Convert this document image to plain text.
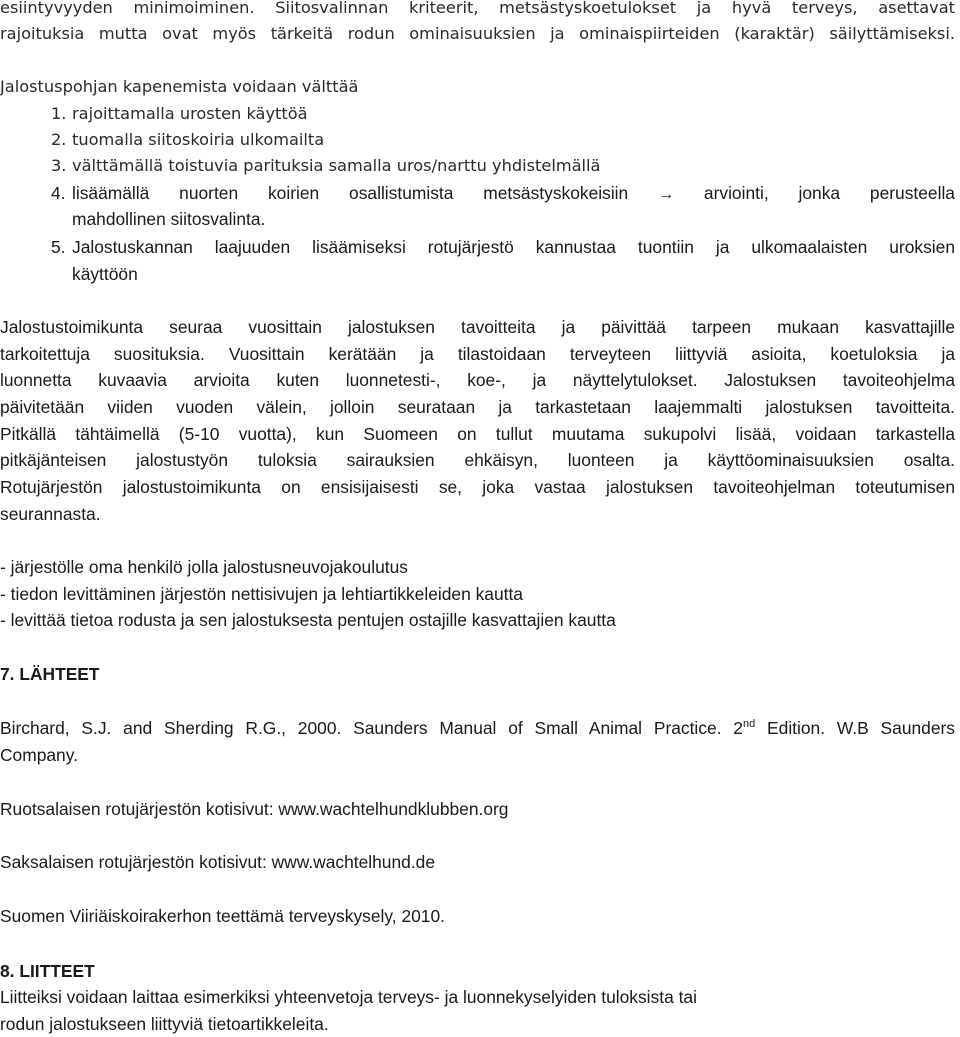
esiintyvyyden minimoiminen. Siitosvalinnan kriteerit, metsästyskoetulokset ja hyvä terveys, asettavat
rajoituksia mutta ovat myös tärkeitä rodun ominaisuuksien ja ominaispiirteiden (karaktär) säilyttämiseksi.
Jalostuspohjan kapenemista voidaan välttää
1. rajoittamalla urosten käyttöä
2. tuomalla siitoskoiria ulkomailta
3. välttämällä toistuvia parituksia samalla uros/narttu yhdistelmällä
4. lisäämällä nuorten koirien osallistumista metsästyskokeisiin → arviointi, jonka perusteella
mahdollinen siitosvalinta.
5. Jalostuskannan laajuuden lisäämiseksi rotujärjestö kannustaa tuontiin ja ulkomaalaisten uroksien
käyttöön
Jalostustoimikunta seuraa vuosittain jalostuksen tavoitteita ja päivittää tarpeen mukaan kasvattajille
tarkoitettuja suosituksia. Vuosittain kerätään ja tilastoidaan terveyteen liittyviä asioita, koetuloksia ja
luonnetta kuvaavia arvioita kuten luonnetesti-, koe-, ja näyttelytulokset. Jalostuksen tavoiteohjelma
päivitetään viiden vuoden välein, jolloin seurataan ja tarkastetaan laajemmalti jalostuksen tavoitteita.
Pitkällä tähtäimellä (5-10 vuotta), kun Suomeen on tullut muutama sukupolvi lisää, voidaan tarkastella
pitkäjänteisen jalostustyön tuloksia sairauksien ehkäisyn, luonteen ja käyttöominaisuuksien osalta.
Rotujärjestön jalostustoimikunta on ensisijaisesti se, joka vastaa jalostuksen tavoiteohjelman toteutumisen
seurannasta.
- järjestölle oma henkilö jolla jalostusneuvojakoulutus
- tiedon levittäminen järjestön nettisivujen ja lehtiartikkeleiden kautta
- levittää tietoa rodusta ja sen jalostuksesta pentujen ostajille kasvattajien kautta
7. LÄHTEET
Birchard, S.J. and Sherding R.G., 2000. Saunders Manual of Small Animal Practice. 2nd Edition. W.B Saunders
Company.
Ruotsalaisen rotujärjestön kotisivut: www.wachtelhundklubben.org
Saksalaisen rotujärjestön kotisivut: www.wachtelhund.de
Suomen Viiriäiskoirakerhon teettämä terveyskysely, 2010.
8. LIITTEET
Liitteiksi voidaan laittaa esimerkiksi yhteenvetoja terveys- ja luonnekyselyiden tuloksista tai
rodun jalostukseen liittyviä tietoartikkeleita.
